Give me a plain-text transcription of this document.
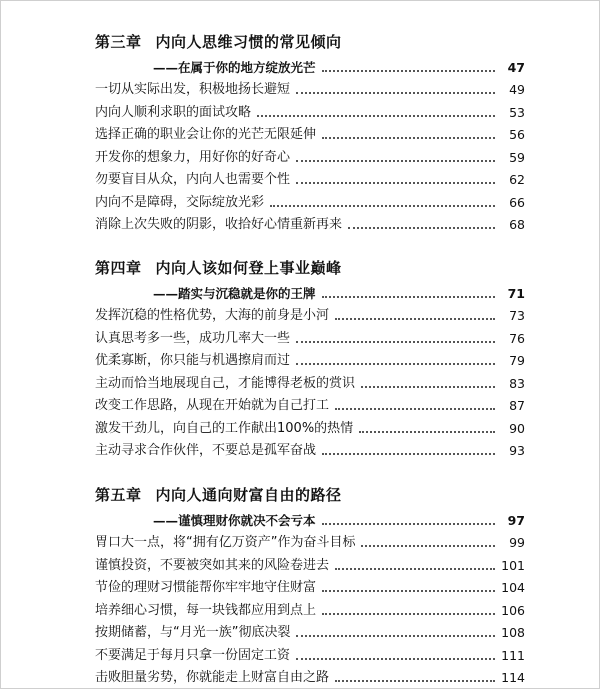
第三章 内向人思维习惯的常见倾向
——在属于你的地方绽放光芒	47
一切从实际出发，积极地扬长避短	49
内向人顺利求职的面试攻略	53
选择正确的职业会让你的光芒无限延伸	56
开发你的想象力，用好你的好奇心	59
勿要盲目从众，内向人也需要个性	62
内向不是障碍，交际绽放光彩	66
消除上次失败的阴影，收拾好心情重新再来	68
第四章 内向人该如何登上事业巅峰
——踏实与沉稳就是你的王牌	71
发挥沉稳的性格优势，大海的前身是小河	73
认真思考多一些，成功几率大一些	76
优柔寡断，你只能与机遇擦肩而过	79
主动而恰当地展现自己，才能博得老板的赏识	83
改变工作思路，从现在开始就为自己打工	87
激发干劲儿，向自己的工作献出100%的热情	90
主动寻求合作伙伴，不要总是孤军奋战	93
第五章 内向人通向财富自由的路径
——谨慎理财你就决不会亏本	97
胃口大一点，将“拥有亿万资产”作为奋斗目标	99
谨慎投资，不要被突如其来的风险卷进去	101
节俭的理财习惯能帮你牢牢地守住财富	104
培养细心习惯，每一块钱都应用到点上	106
按期储蓄，与“月光一族”彻底决裂	108
不要满足于每月只拿一份固定工资	111
击败胆量劣势，你就能走上财富自由之路	114
